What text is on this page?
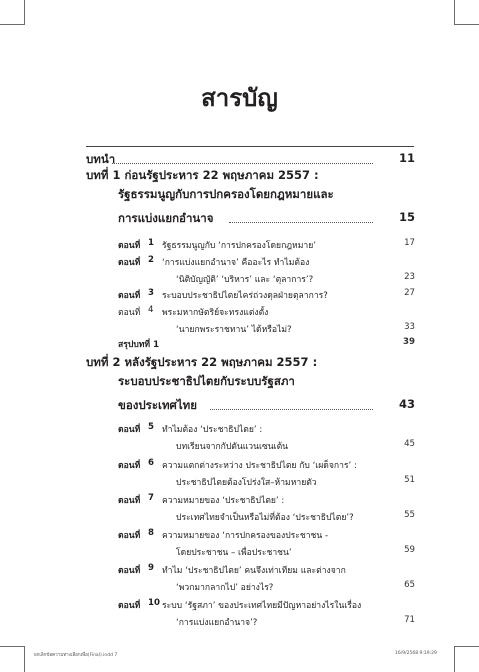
สารบัญ
บทนำ	11
บทที่ 1 ก่อนรัฐประหาร 22 พฤษภาคม 2557 :
รัฐธรรมนูญกับการปกครองโดยกฎหมายและ
การแบ่งแยกอำนาจ	15
ตอนที่ 1 รัฐธรรมนูญกับ ‘การปกครองโดยกฎหมาย’	17
ตอนที่ 2 ‘การแบ่งแยกอำนาจ’ คืออะไร ทำไมต้อง
‘นิติบัญญัติ’ ‘บริหาร’ และ ‘ตุลาการ’?	23
ตอนที่ 3 ระบอบประชาธิปไตยไคร่ถ่วงดุลฝ่ายตุลาการ?	27
ตอนที่ 4 พระมหากษัตริย์จะทรงแต่งตั้ง
‘นายกพระราชทาน’ ได้หรือไม่?	33
สรุปบทที่ 1	39
บทที่ 2 หลังรัฐประหาร 22 พฤษภาคม 2557 :
ระบอบประชาธิปไตยกับระบบรัฐสภา
ของประเทศไทย	43
ตอนที่ 5 ทำไมต้อง ‘ประชาธิปไตย’ :
บทเรียนจากกัปตันแวนเซนเต้น	45
ตอนที่ 6 ความแตกต่างระหว่าง ประชาธิปไตย กับ ‘เผด็จการ’ :
ประชาธิปไตยต้องโปร่งใส–ห้ามหายตัว	51
ตอนที่ 7 ความหมายของ ‘ประชาธิปไตย’ :
ประเทศไทยจำเป็นหรือไม่ที่ต้อง ‘ประชาธิปไตย’?	55
ตอนที่ 8 ความหมายของ ‘การปกครองของประชาชน -
โดยประชาชน – เพื่อประชาชน’	59
ตอนที่ 9 ทำไม ‘ประชาธิปไตย’ คนจึงเท่าเทียม และต่างจาก
‘พวกมากลากไป’ อย่างไร?	65
ตอนที่ 10 ระบบ ‘รัฐสภา’ ของประเทศไทยมีปัญหาอย่างไรในเรื่อง
‘การแบ่งแยกอำนาจ’?	71
ยกเลิกข้อความทางเลือกเพื่อ(Final).indd 7	16/9/2568 9:19:29
